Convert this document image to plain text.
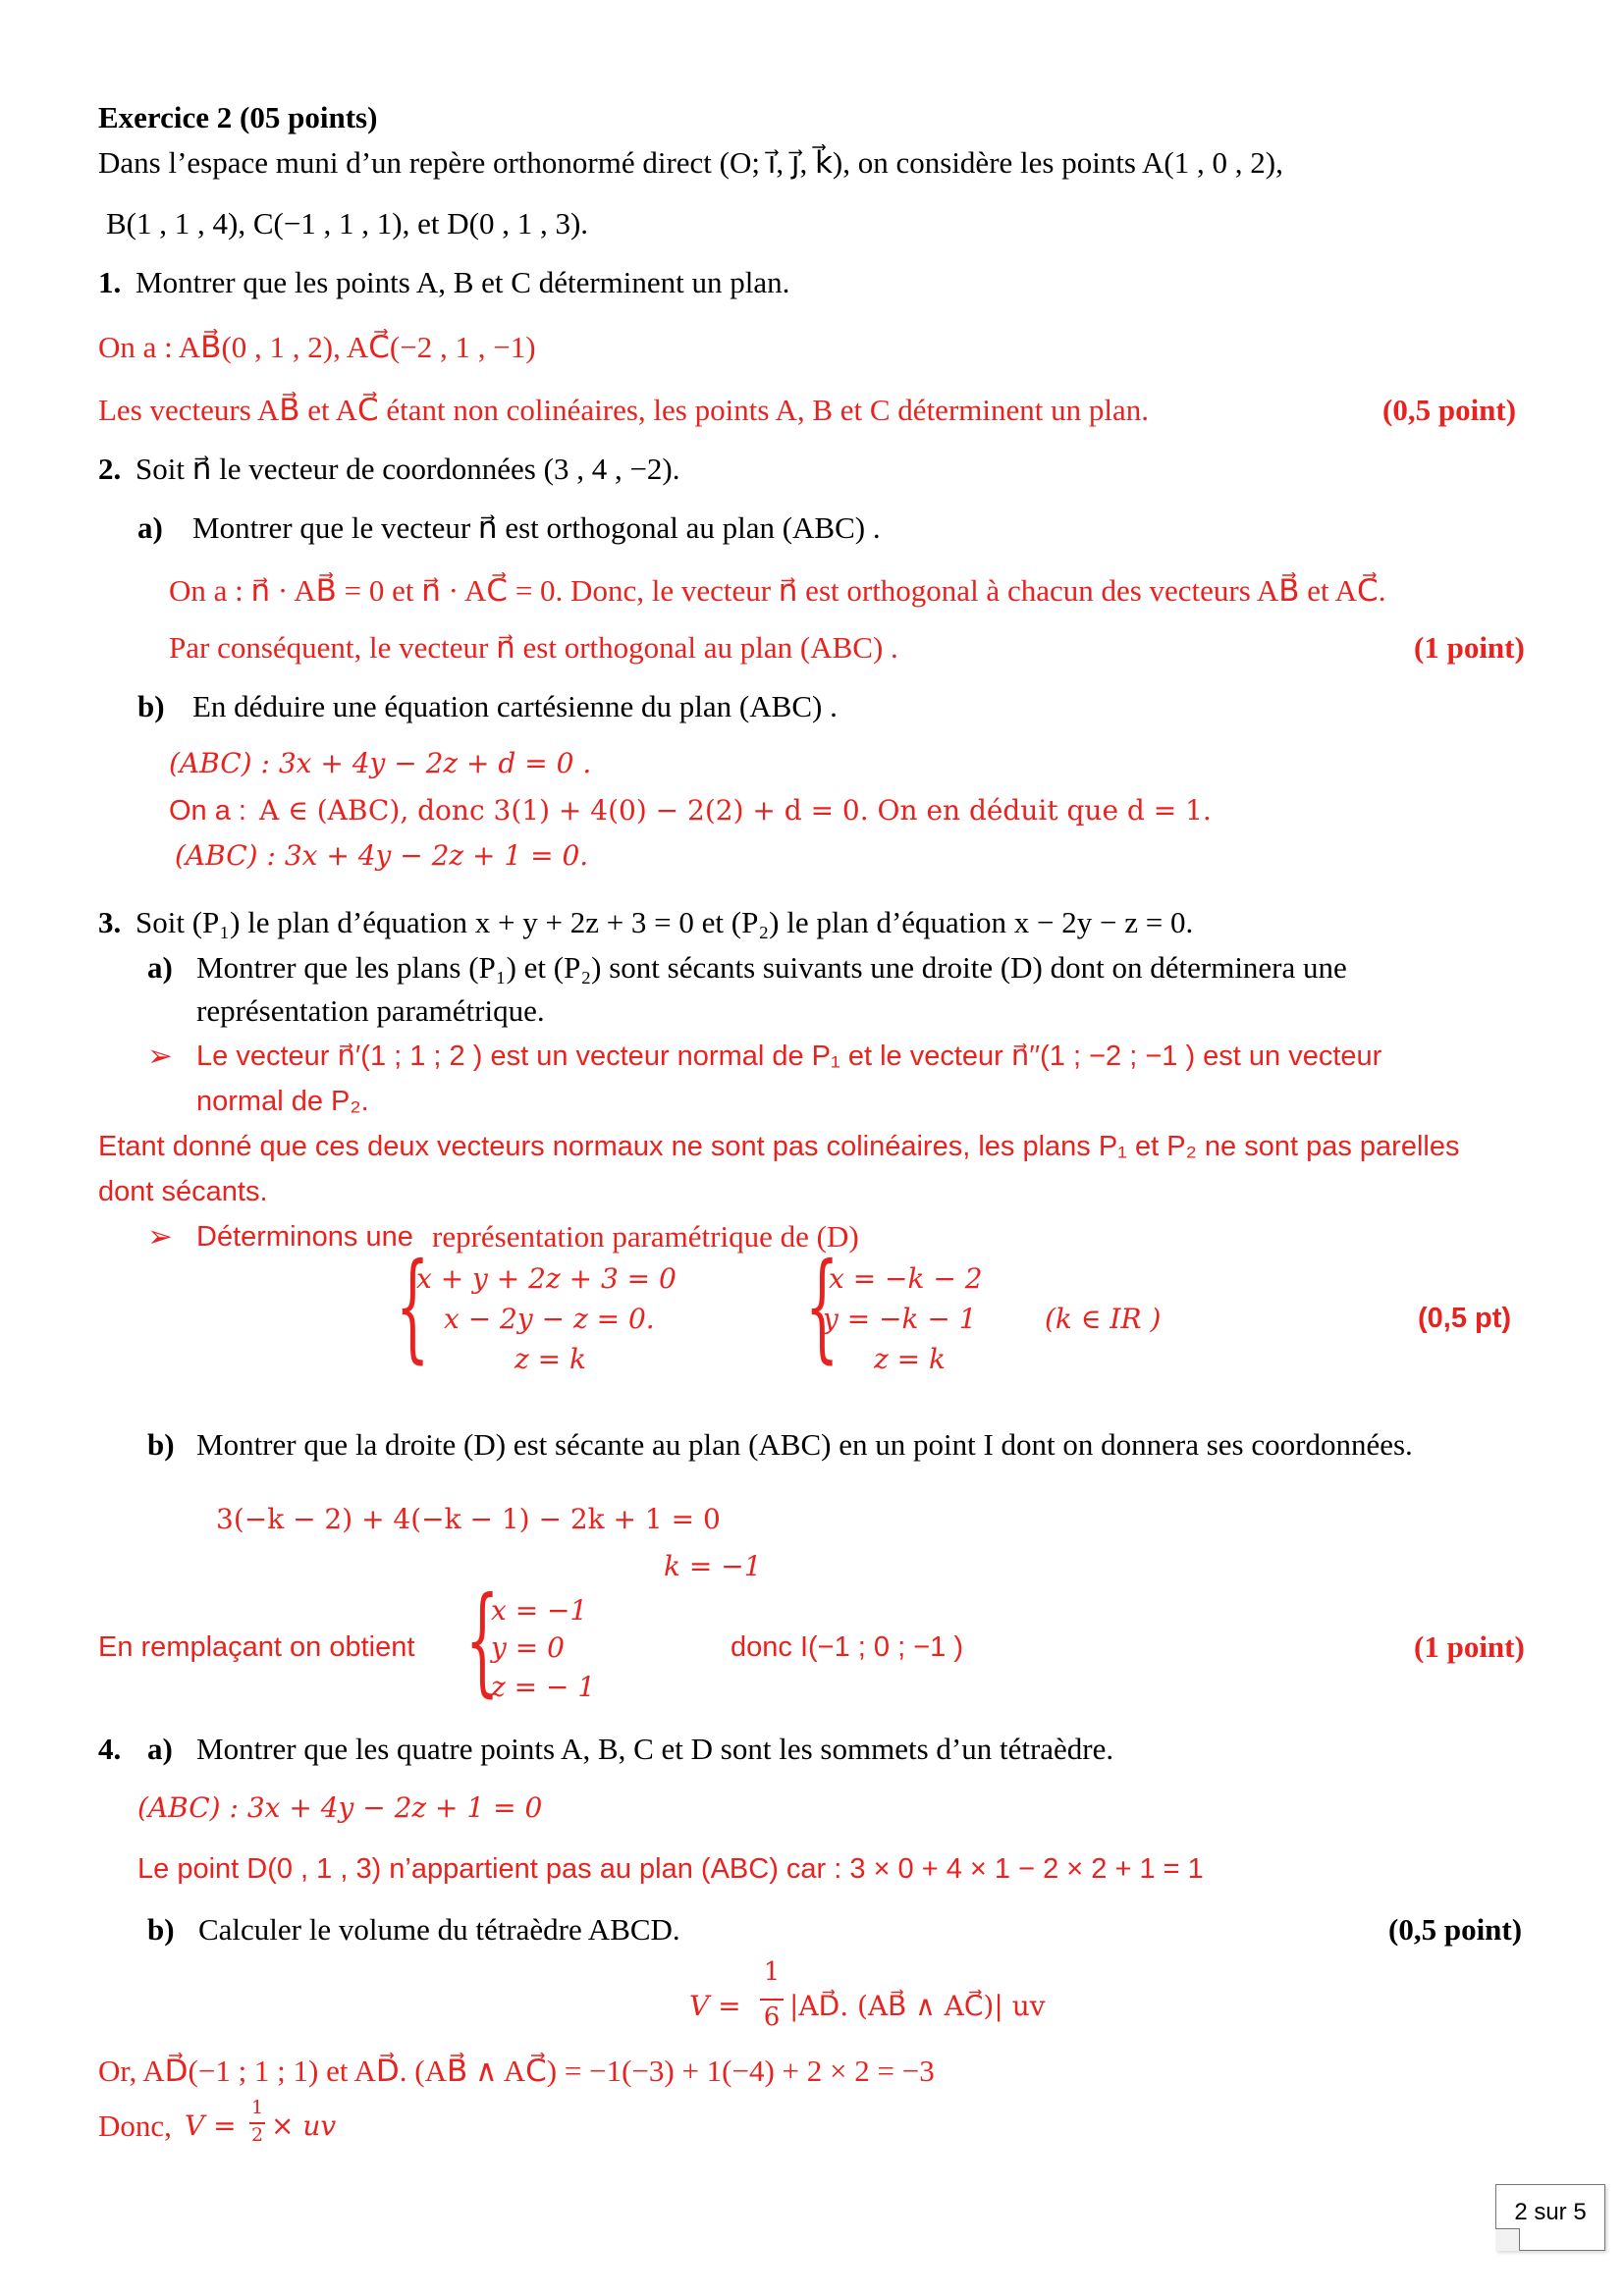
Exercice 2 (05 points)
Dans l’espace muni d’un repère orthonormé direct (O; i⃗, j⃗, k⃗), on considère les points A(1 , 0 , 2),
B(1 , 1 , 4), C(−1 , 1 , 1), et D(0 , 1 , 3).
1. Montrer que les points A, B et C déterminent un plan.
On a : AB⃗(0 , 1 , 2), AC⃗(−2 , 1 , −1)
Les vecteurs AB⃗ et AC⃗ étant non colinéaires, les points A, B et C déterminent un plan.	(0,5 point)
2. Soit n⃗ le vecteur de coordonnées (3 , 4 , −2).
a) Montrer que le vecteur n⃗ est orthogonal au plan (ABC) .
On a : n⃗ · AB⃗ = 0 et n⃗ · AC⃗ = 0. Donc, le vecteur n⃗ est orthogonal à chacun des vecteurs AB⃗ et AC⃗.
Par conséquent, le vecteur n⃗ est orthogonal au plan (ABC) .	(1 point)
b) En déduire une équation cartésienne du plan (ABC) .
(ABC) : 3x + 4y − 2z + d = 0 .
On a : A ∈ (ABC), donc 3(1) + 4(0) − 2(2) + d = 0. On en déduit que d = 1.
(ABC) : 3x + 4y − 2z + 1 = 0.
3. Soit (P₁) le plan d’équation x + y + 2z + 3 = 0 et (P₂) le plan d’équation x − 2y − z = 0.
a) Montrer que les plans (P₁) et (P₂) sont sécants suivants une droite (D) dont on déterminera une
représentation paramétrique.
➢ Le vecteur n⃗′(1 ; 1 ; 2 ) est un vecteur normal de P₁ et le vecteur n⃗′′(1 ; −2 ; −1 ) est un vecteur
normal de P₂.
Etant donné que ces deux vecteurs normaux ne sont pas colinéaires, les plans P₁ et P₂ ne sont pas parelles
dont sécants.
➢ Déterminons une représentation paramétrique de (D)
{
x + y + 2z + 3 = 0
x − 2y − z = 0.
z = k {
x = −k − 2
y = −k − 1
z = k
(k ∈ IR )	(0,5 pt)
b) Montrer que la droite (D) est sécante au plan (ABC) en un point I dont on donnera ses coordonnées.
3(−k − 2) + 4(−k − 1) − 2k + 1 = 0
k = −1
En remplaçant on obtient {
x = −1
y = 0
z = − 1
donc I(−1 ; 0 ; −1 )	(1 point)
4. a) Montrer que les quatre points A, B, C et D sont les sommets d’un tétraèdre.
(ABC) : 3x + 4y − 2z + 1 = 0
Le point D(0 , 1 , 3) n’appartient pas au plan (ABC) car : 3 × 0 + 4 × 1 − 2 × 2 + 1 = 1
b) Calculer le volume du tétraèdre ABCD.	(0,5 point)
V =
1
6 |AD⃗. (AB⃗ ∧ AC⃗)| uv
Or, AD⃗(−1 ; 1 ; 1) et AD⃗. (AB⃗ ∧ AC⃗) = −1(−3) + 1(−4) + 2 × 2 = −3
Donc, V =
1
2 × uv
2 sur 5
